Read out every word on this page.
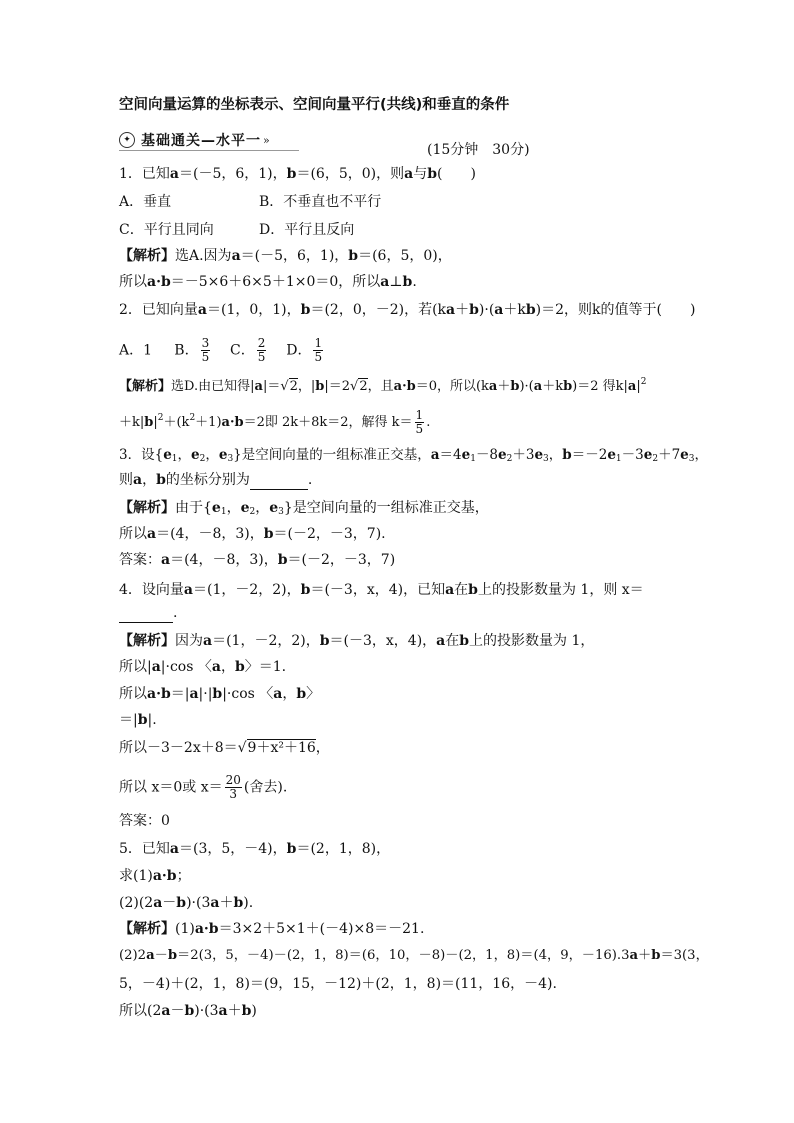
空间向量运算的坐标表示、空间向量平行(共线)和垂直的条件
✦ 基础通关—水平一 »
(15分钟　30分)
1．已知a＝(－5，6，1)，b＝(6，5，0)，则a与b(　　)
A．垂直	B．不垂直也不平行
C．平行且同向	D．平行且反向
【解析】选A.因为a＝(－5，6，1)，b＝(6，5，0)，
所以a·b＝－5×6＋6×5＋1×0＝0，所以a⊥b.
2．已知向量a＝(1，0，1)，b＝(2，0，－2)，若(ka＋b)·(a＋kb)＝2，则k的值等于(　　)
A．1 B． $\frac{3}{5}$ C． $\frac{2}{5}$ D． $\frac{1}{5}$
【解析】选D.由已知得|a|＝√2，|b|＝2√2，且a·b＝0，所以(ka＋b)·(a＋kb)＝2 得$k|a|^2$
$+k|b|^2+(k^2+1)a\cdot b=2$即 2k＋8k＝2，解得 $k= \frac{1}{5}$ .
3．设{$e_1$，$e_2$，$e_3$}是空间向量的一组标准正交基，$a=4e_1-8e_2+3e_3$，$b=-2e_1-3e_2+7e_3$，
则a，b的坐标分别为	.
【解析】由于{$e_1$，$e_2$，$e_3$}是空间向量的一组标准正交基，
所以a＝(4，－8，3)，b＝(－2，－3，7).
答案：a＝(4，－8，3)，b＝(－2，－3，7)
4．设向量a＝(1，－2，2)，b＝(－3，x，4)，已知a在b上的投影数量为 1，则 x＝
.
【解析】因为a＝(1，－2，2)，b＝(－3，x，4)，a在b上的投影数量为 1，
所以|a|·cos 〈a，b〉＝1.
所以a·b＝|a|·|b|·cos 〈a，b〉
＝|b|.
所以－3－2x＋8＝√9＋x²＋16，
所以 x＝0或 $x= \frac{20}{3}$ (舍去).
答案：0
5．已知a＝(3，5，－4)，b＝(2，1，8)，
求(1)a·b；
(2)(2a－b)·(3a＋b).
【解析】(1)a·b＝3×2＋5×1＋(－4)×8＝－21.
(2)2a－b＝2(3，5，－4)－(2，1，8)＝(6，10，－8)－(2，1，8)＝(4，9，－16).3a＋b＝3(3，
5，－4)＋(2，1，8)＝(9，15，－12)＋(2，1，8)＝(11，16，－4).
所以(2a－b)·(3a＋b)
